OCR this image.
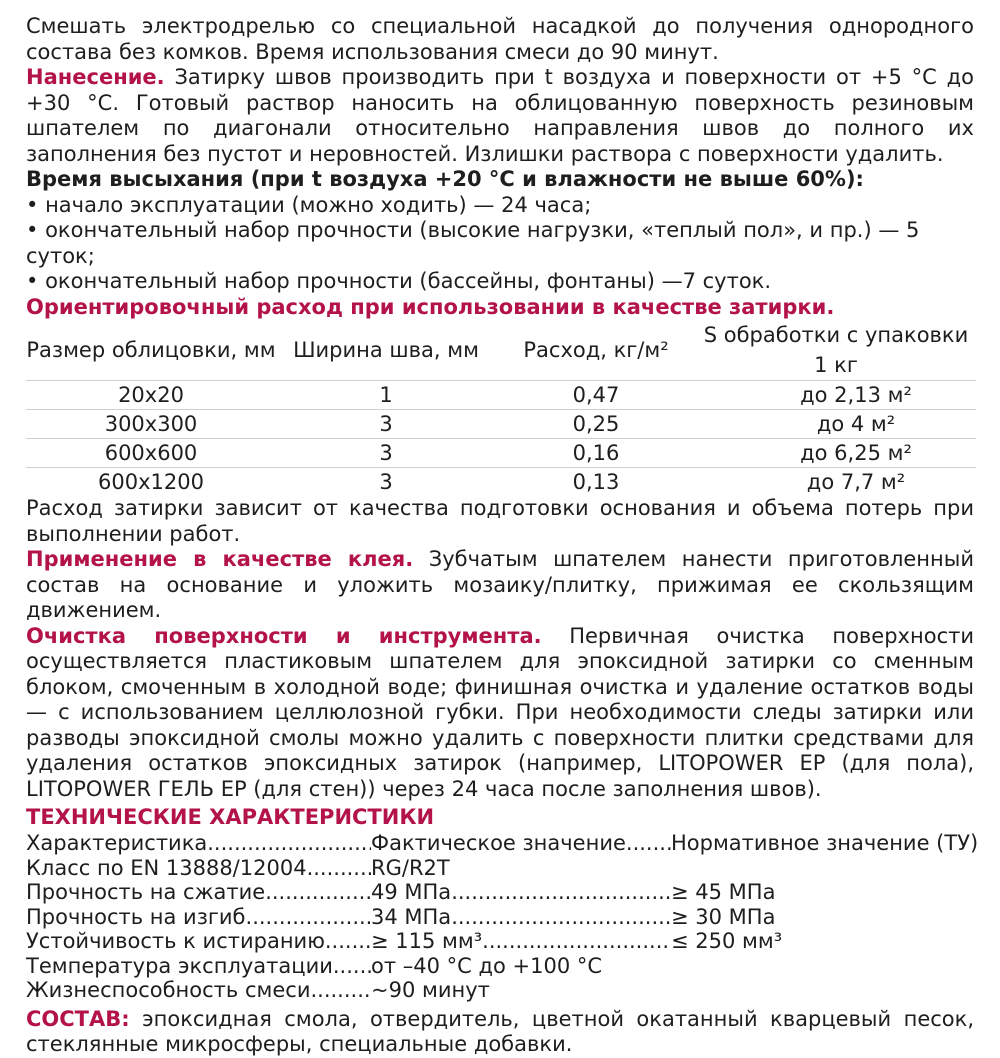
Смешать электродрелью со специальной насадкой до получения однородного состава без комков. Время использования смеси до 90 минут.

Нанесение. Затирку швов производить при t воздуха и поверхности от +5 °С до +30 °С. Готовый раствор наносить на облицованную поверхность резиновым шпателем по диагонали относительно направления швов до полного их заполнения без пустот и неровностей. Излишки раствора с поверхности удалить.

Время высыхания (при t воздуха +20 °С и влажности не выше 60%):
• начало эксплуатации (можно ходить) — 24 часа;
• окончательный набор прочности (высокие нагрузки, «теплый пол», и пр.) — 5 суток;
• окончательный набор прочности (бассейны, фонтаны) —7 суток.
Ориентировочный расход при использовании в качестве затирки.
Размер облицовки, мм	Ширина шва, мм	Расход, кг/м²	S обработки с упаковки 1 кг
20х20	1	0,47	до 2,13 м²
300х300	3	0,25	до 4 м²
600х600	3	0,16	до 6,25 м²
600х1200	3	0,13	до 7,7 м²

Расход затирки зависит от качества подготовки основания и объема потерь при выполнении работ.

Применение в качестве клея. Зубчатым шпателем нанести приготовленный состав на основание и уложить мозаику/плитку, прижимая ее скользящим движением.

Очистка поверхности и инструмента. Первичная очистка поверхности осуществляется пластиковым шпателем для эпоксидной затирки со сменным блоком, смоченным в холодной воде; финишная очистка и удаление остатков воды — с использованием целлюлозной губки. При необходимости следы затирки или разводы эпоксидной смолы можно удалить с поверхности плитки средствами для удаления остатков эпоксидных затирок (например, LITOPOWER EP (для пола), LITOPOWER ГЕЛЬ EP (для стен)) через 24 часа после заполнения швов).

ТЕХНИЧЕСКИЕ ХАРАКТЕРИСТИКИ
Характеристика .....	Фактическое значение ..... Нормативное значение (ТУ)
Класс по EN 13888/12004 .....	RG/R2T
Прочность на сжатие .....	49 МПа .....	≥ 45 МПа
Прочность на изгиб .....	34 МПа .....	≥ 30 МПа
Устойчивость к истиранию ..... ≥ 115 мм³ .....	≤ 250 мм³
Температура эксплуатации ..... от –40 °С до +100 °С
Жизнеспособность смеси .....	~90 минут

СОСТАВ: эпоксидная смола, отвердитель, цветной окатанный кварцевый песок, стеклянные микросферы, специальные добавки.
